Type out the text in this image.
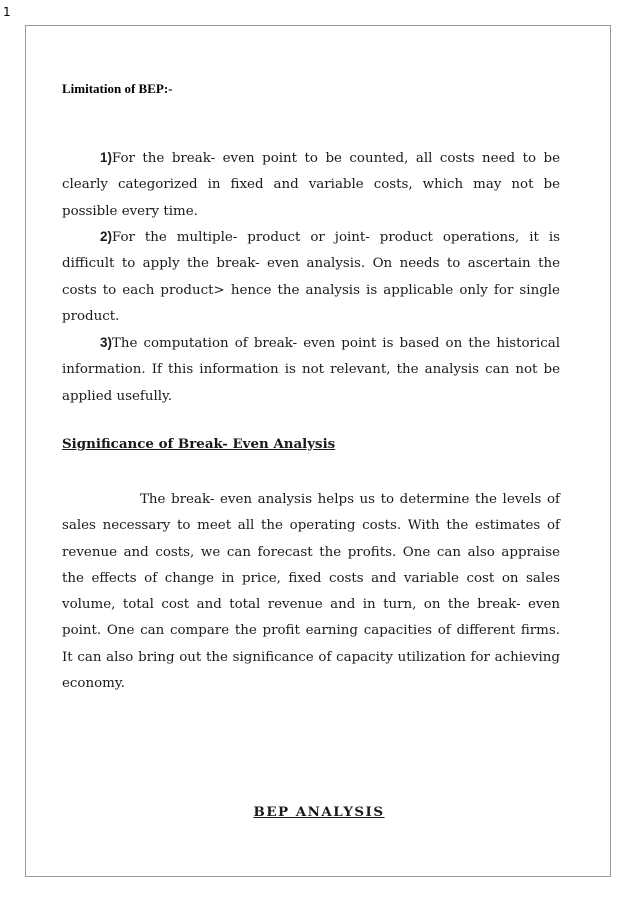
1
Limitation of BEP:-

1)For the break- even point to be counted, all costs need to be clearly categorized in fixed and variable costs, which may not be possible every time.

2)For the multiple- product or joint- product operations, it is difficult to apply the break- even analysis. On needs to ascertain the costs to each product> hence the analysis is applicable only for single product.

3)The computation of break- even point is based on the historical information. If this information is not relevant, the analysis can not be applied usefully.

Significance of Break- Even Analysis

The break- even analysis helps us to determine the levels of sales necessary to meet all the operating costs. With the estimates of revenue and costs, we can forecast the profits. One can also appraise the effects of change in price, fixed costs and variable cost on sales volume, total cost and total revenue and in turn, on the break- even point. One can compare the profit earning capacities of different firms. It can also bring out the significance of capacity utilization for achieving economy.

BEP ANALYSIS
